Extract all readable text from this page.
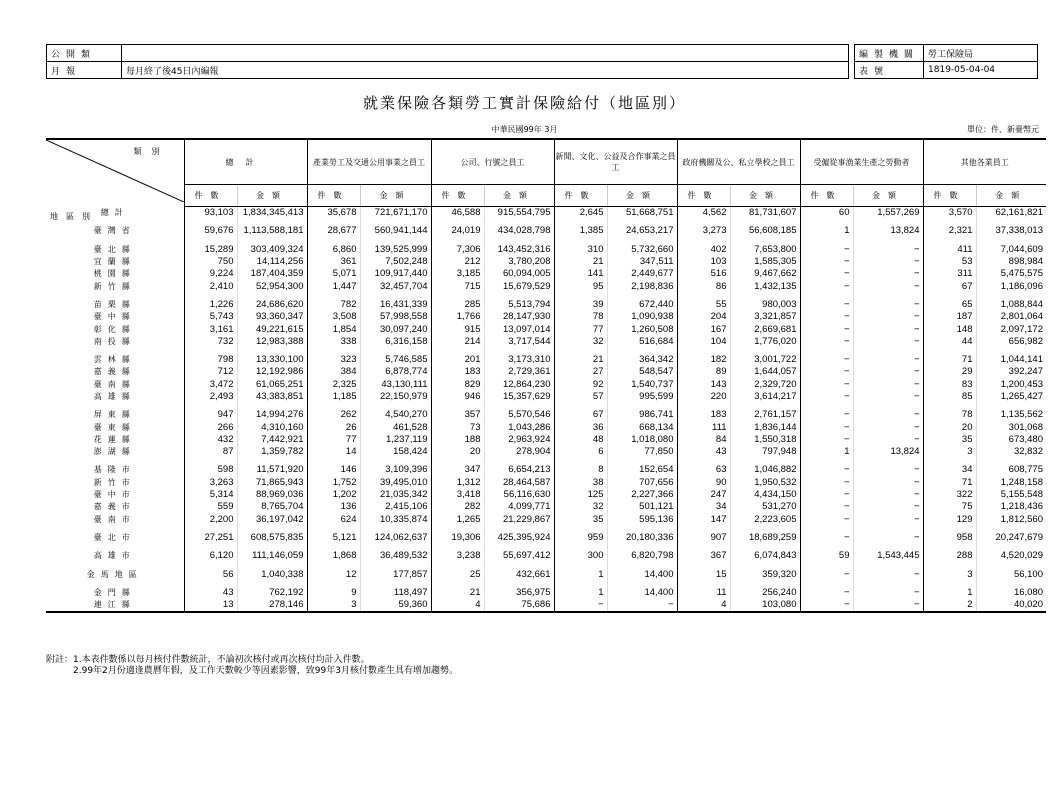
公開類	
月報	每月終了後45日內編報
編製機關	勞工保險局
表號	1819-05-04-04
就業保險各類勞工實計保險給付（地區別）
中華民國99年 3月	單位：件、新臺幣元
類別
地區別	總計		產業勞工及交通公用事業之員工		公司、行號之員工		新聞、文化、公益及合作事業之員工		政府機關及公、私立學校之員工		受僱從事漁業生產之勞動者		其他各業員工	
	件數	金額	件數	金額	件數	金額	件數	金額	件數	金額	件數	金額	件數	金額
總計	93,103	1,834,345,413	35,678	721,671,170	46,588	915,554,795	2,645	51,668,751	4,562	81,731,607	60	1,557,269	3,570	62,161,821
臺灣省	59,676	1,113,588,181	28,677	560,941,144	24,019	434,028,798	1,385	24,653,217	3,273	56,608,185	1	13,824	2,321	37,338,013
臺北縣	15,289	303,409,324	6,860	139,525,999	7,306	143,452,316	310	5,732,660	402	7,653,800	−	−	411	7,044,609
宜蘭縣	750	14,114,256	361	7,502,248	212	3,780,208	21	347,511	103	1,585,305	−	−	53	898,984
桃園縣	9,224	187,404,359	5,071	109,917,440	3,185	60,094,005	141	2,449,677	516	9,467,662	−	−	311	5,475,575
新竹縣	2,410	52,954,300	1,447	32,457,704	715	15,679,529	95	2,198,836	86	1,432,135	−	−	67	1,186,096
苗栗縣	1,226	24,686,620	782	16,431,339	285	5,513,794	39	672,440	55	980,003	−	−	65	1,088,844
臺中縣	5,743	93,360,347	3,508	57,998,558	1,766	28,147,930	78	1,090,938	204	3,321,857	−	−	187	2,801,064
彰化縣	3,161	49,221,615	1,854	30,097,240	915	13,097,014	77	1,260,508	167	2,669,681	−	−	148	2,097,172
南投縣	732	12,983,388	338	6,316,158	214	3,717,544	32	516,684	104	1,776,020	−	−	44	656,982
雲林縣	798	13,330,100	323	5,746,585	201	3,173,310	21	364,342	182	3,001,722	−	−	71	1,044,141
嘉義縣	712	12,192,986	384	6,878,774	183	2,729,361	27	548,547	89	1,644,057	−	−	29	392,247
臺南縣	3,472	61,065,251	2,325	43,130,111	829	12,864,230	92	1,540,737	143	2,329,720	−	−	83	1,200,453
高雄縣	2,493	43,383,851	1,185	22,150,979	946	15,357,629	57	995,599	220	3,614,217	−	−	85	1,265,427
屏東縣	947	14,994,276	262	4,540,270	357	5,570,546	67	986,741	183	2,761,157	−	−	78	1,135,562
臺東縣	266	4,310,160	26	461,528	73	1,043,286	36	668,134	111	1,836,144	−	−	20	301,068
花蓮縣	432	7,442,921	77	1,237,119	188	2,963,924	48	1,018,080	84	1,550,318	−	−	35	673,480
澎湖縣	87	1,359,782	14	158,424	20	278,904	6	77,850	43	797,948	1	13,824	3	32,832
基隆市	598	11,571,920	146	3,109,396	347	6,654,213	8	152,654	63	1,046,882	−	−	34	608,775
新竹市	3,263	71,865,943	1,752	39,495,010	1,312	28,464,587	38	707,656	90	1,950,532	−	−	71	1,248,158
臺中市	5,314	88,969,036	1,202	21,035,342	3,418	56,116,630	125	2,227,366	247	4,434,150	−	−	322	5,155,548
嘉義市	559	8,765,704	136	2,415,106	282	4,099,771	32	501,121	34	531,270	−	−	75	1,218,436
臺南市	2,200	36,197,042	624	10,335,874	1,265	21,229,867	35	595,136	147	2,223,605	−	−	129	1,812,560
臺北市	27,251	608,575,835	5,121	124,062,637	19,306	425,395,924	959	20,180,336	907	18,689,259	−	−	958	20,247,679
高雄市	6,120	111,146,059	1,868	36,489,532	3,238	55,697,412	300	6,820,798	367	6,074,843	59	1,543,445	288	4,520,029
金馬地區	56	1,040,338	12	177,857	25	432,661	1	14,400	15	359,320	−	−	3	56,100
金門縣	43	762,192	9	118,497	21	356,975	1	14,400	11	256,240	−	−	1	16,080
連江縣	13	278,146	3	59,360	4	75,686	−	−	4	103,080	−	−	2	40,020
附註：1.本表件數係以每月核付件數統計，不論初次核付或再次核付均計入件數。
　　　2.99年2月份適逢農曆年假，及工作天數較少等因素影響，致99年3月核付數產生具有增加趨勢。
